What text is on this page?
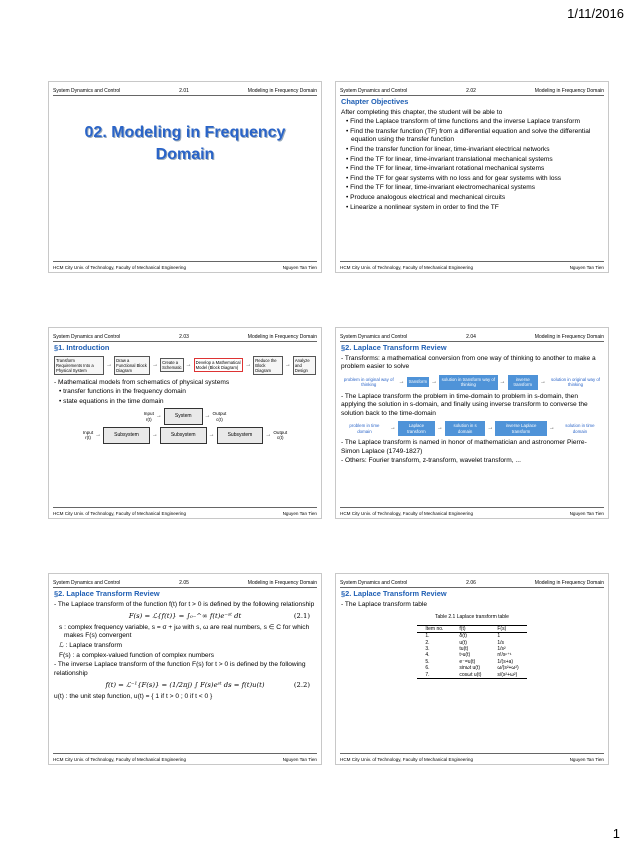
1/11/2016
System Dynamics and Control	2.01	Modeling in Frequency Domain
02. Modeling in Frequency
Domain
HCM City Univ. of Technology, Faculty of Mechanical Engineering	Nguyen Tan Tien
System Dynamics and Control	2.02	Modeling in Frequency Domain
Chapter Objectives

After completing this chapter, the student will be able to

• Find the Laplace transform of time functions and the inverse Laplace transform

• Find the transfer function (TF) from a differential equation and solve the differential equation using the transfer function

• Find the transfer function for linear, time-invariant electrical networks

• Find the TF for linear, time-invariant translational mechanical systems

• Find the TF for linear, time-invariant rotational mechanical systems

• Find the TF for gear systems with no loss and for gear systems with loss

• Find the TF for linear, time-invariant electromechanical systems

• Produce analogous electrical and mechanical circuits

• Linearize a nonlinear system in order to find the TF

HCM City Univ. of Technology, Faculty of Mechanical Engineering	Nguyen Tan Tien
System Dynamics and Control	2.03	Modeling in Frequency Domain
§1. Introduction
Transform Requirements Into a Physical System
→
Draw a Functional Block Diagram
→ Create a Schematic → Develop a Mathematical Model (Block Diagram)	→
Reduce the Block Diagram
→
Analyze and Design

- Mathematical models from schematics of physical systems

• transfer functions in the frequency domain

• state equations in the time domain

Input
r(t) →	System	→ Output
c(t)
Input
r(t) →	Subsystem	→	Subsystem	→	Subsystem	→ Output
c(t)
HCM City Univ. of Technology, Faculty of Mechanical Engineering	Nguyen Tan Tien
System Dynamics and Control	2.04	Modeling in Frequency Domain
§2. Laplace Transform Review

- Transforms: a mathematical conversion from one way of thinking to another to make a problem easier to solve

problem in original way of thinking	→ transform →	solution in transform way of thinking	→	inverse transform	→	solution in original way of thinking

- The Laplace transform the problem in time-domain to problem in s-domain, then applying the solution in s-domain, and finally using inverse transform to converse the solution back to the time-domain

problem in time domain	→	Laplace transform	→	solution in s domain	→	inverse Laplace transform	→	solution in time domain

- The Laplace transform is named in honor of mathematician and astronomer Pierre-Simon Laplace (1749-1827)

- Others: Fourier transform, z-transform, wavelet transform, ...

HCM City Univ. of Technology, Faculty of Mechanical Engineering	Nguyen Tan Tien
System Dynamics and Control	2.05	Modeling in Frequency Domain
§2. Laplace Transform Review

- The Laplace transform of the function f(t) for t > 0 is defined by the following relationship

F(s) = ℒ{f(t)} = ∫₀₋^∞ f(t)e⁻ˢᵗ dt	(2.1)

s : complex frequency variable, s = σ + jω with s, ω are real numbers, s ∈ C for which makes F(s) convergent

ℒ : Laplace transform

F(s) : a complex-valued function of complex numbers

- The inverse Laplace transform of the function F(s) for t > 0 is defined by the following relationship

f(t) = ℒ⁻¹{F(s)} = (1/2πj) ∫ F(s)eˢᵗ ds = f(t)u(t)	(2.2)

u(t) : the unit step function, u(t) = { 1 if t > 0 ; 0 if t < 0 }

HCM City Univ. of Technology, Faculty of Mechanical Engineering	Nguyen Tan Tien
System Dynamics and Control	2.06	Modeling in Frequency Domain
§2. Laplace Transform Review

- The Laplace transform table

Table 2.1 Laplace transform table
Item no.	f(t)	F(s)
1.	δ(t)	1
2.	u(t)	1/s
3.	tu(t)	1/s²
4.	tⁿu(t)	n!/sⁿ⁺¹
5.	e⁻ᵃᵗu(t)	1/(s+a)
6.	sinωt u(t)	ω/(s²+ω²)
7.	cosωt u(t)	s/(s²+ω²)
HCM City Univ. of Technology, Faculty of Mechanical Engineering	Nguyen Tan Tien
1
